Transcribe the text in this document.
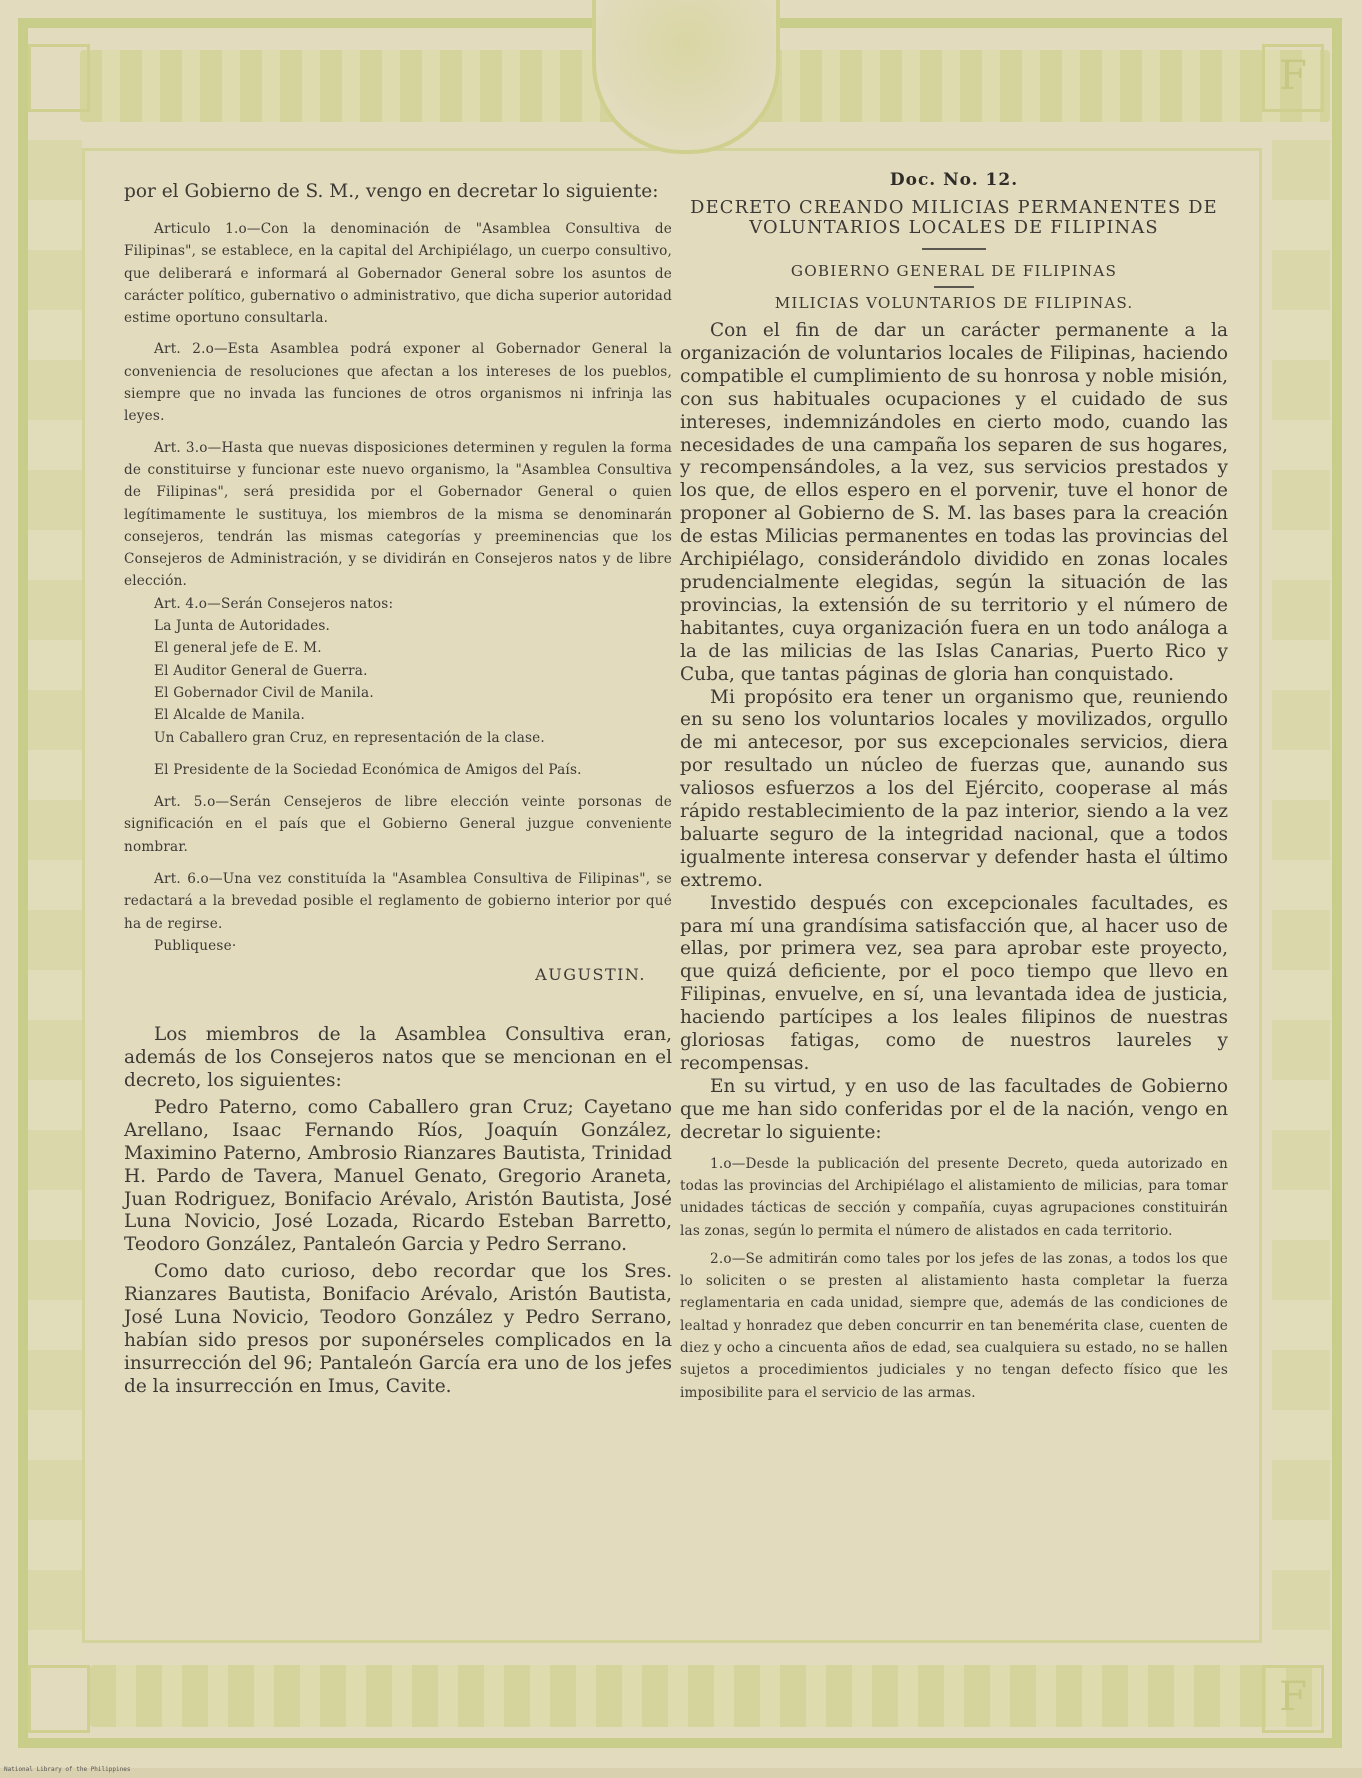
F
F

por el Gobierno de S. M., vengo en decretar lo siguiente:

Articulo 1.o—Con la denominación de "Asamblea Consultiva de Filipinas", se establece, en la capital del Archipiélago, un cuerpo consultivo, que deliberará e informará al Gobernador General sobre los asuntos de carácter político, gubernativo o administrativo, que dicha superior autoridad estime oportuno consultarla.

Art. 2.o—Esta Asamblea podrá exponer al Gobernador General la conveniencia de resoluciones que afectan a los intereses de los pueblos, siempre que no invada las funciones de otros organismos ni infrinja las leyes.

Art. 3.o—Hasta que nuevas disposiciones determinen y regulen la forma de constituirse y funcionar este nuevo organismo, la "Asamblea Consultiva de Filipinas", será presidida por el Gobernador General o quien legítimamente le sustituya, los miembros de la misma se denominarán consejeros, tendrán las mismas categorías y preeminencias que los Consejeros de Administración, y se dividirán en Consejeros natos y de libre elección.

Art. 4.o—Serán Consejeros natos:

La Junta de Autoridades.

El general jefe de E. M.

El Auditor General de Guerra.

El Gobernador Civil de Manila.

El Alcalde de Manila.

Un Caballero gran Cruz, en representación de la clase.

El Presidente de la Sociedad Económica de Amigos del País.

Art. 5.o—Serán Censejeros de libre elección veinte porsonas de significación en el país que el Gobierno General juzgue conveniente nombrar.

Art. 6.o—Una vez constituída la "Asamblea Consultiva de Filipinas", se redactará a la brevedad posible el reglamento de gobierno interior por qué ha de regirse.

Publiquese·

AUGUSTIN.

Los miembros de la Asamblea Consultiva eran, además de los Consejeros natos que se mencionan en el decreto, los siguientes:

Pedro Paterno, como Caballero gran Cruz; Cayetano Arellano, Isaac Fernando Ríos, Joaquín González, Maximino Paterno, Ambrosio Rianzares Bautista, Trinidad H. Pardo de Tavera, Manuel Genato, Gregorio Araneta, Juan Rodriguez, Bonifacio Arévalo, Aristón Bautista, José Luna Novicio, José Lozada, Ricardo Esteban Barretto, Teodoro González, Pantaleón Garcia y Pedro Serrano.

Como dato curioso, debo recordar que los Sres. Rianzares Bautista, Bonifacio Arévalo, Aristón Bautista, José Luna Novicio, Teodoro González y Pedro Serrano, habían sido presos por suponérseles complicados en la insurrección del 96; Pantaleón García era uno de los jefes de la insurrección en Imus, Cavite.

Doc. No. 12.

DECRETO CREANDO MILICIAS PERMANENTES DE VOLUNTARIOS LOCALES DE FILIPINAS

GOBIERNO GENERAL DE FILIPINAS

MILICIAS VOLUNTARIOS DE FILIPINAS.

Con el fin de dar un carácter permanente a la organización de voluntarios locales de Filipinas, haciendo compatible el cumplimiento de su honrosa y noble misión, con sus habituales ocupaciones y el cuidado de sus intereses, indemnizándoles en cierto modo, cuando las necesidades de una campaña los separen de sus hogares, y recompensándoles, a la vez, sus servicios prestados y los que, de ellos espero en el porvenir, tuve el honor de proponer al Gobierno de S. M. las bases para la creación de estas Milicias permanentes en todas las provincias del Archipiélago, considerándolo dividido en zonas locales prudencialmente elegidas, según la situación de las provincias, la extensión de su territorio y el número de habitantes, cuya organización fuera en un todo análoga a la de las milicias de las Islas Canarias, Puerto Rico y Cuba, que tantas páginas de gloria han conquistado.

Mi propósito era tener un organismo que, reuniendo en su seno los voluntarios locales y movilizados, orgullo de mi antecesor, por sus excepcionales servicios, diera por resultado un núcleo de fuerzas que, aunando sus valiosos esfuerzos a los del Ejército, cooperase al más rápido restablecimiento de la paz interior, siendo a la vez baluarte seguro de la integridad nacional, que a todos igualmente interesa conservar y defender hasta el último extremo.

Investido después con excepcionales facultades, es para mí una grandísima satisfacción que, al hacer uso de ellas, por primera vez, sea para aprobar este proyecto, que quizá deficiente, por el poco tiempo que llevo en Filipinas, envuelve, en sí, una levantada idea de justicia, haciendo partícipes a los leales filipinos de nuestras gloriosas fatigas, como de nuestros laureles y recompensas.

En su virtud, y en uso de las facultades de Gobierno que me han sido conferidas por el de la nación, vengo en decretar lo siguiente:

1.o—Desde la publicación del presente Decreto, queda autorizado en todas las provincias del Archipiélago el alistamiento de milicias, para tomar unidades tácticas de sección y compañía, cuyas agrupaciones constituirán las zonas, según lo permita el número de alistados en cada territorio.

2.o—Se admitirán como tales por los jefes de las zonas, a todos los que lo soliciten o se presten al alistamiento hasta completar la fuerza reglamentaria en cada unidad, siempre que, además de las condiciones de lealtad y honradez que deben concurrir en tan benemérita clase, cuenten de diez y ocho a cincuenta años de edad, sea cualquiera su estado, no se hallen sujetos a procedimientos judiciales y no tengan defecto físico que les imposibilite para el servicio de las armas.

National Library of the Philippines
